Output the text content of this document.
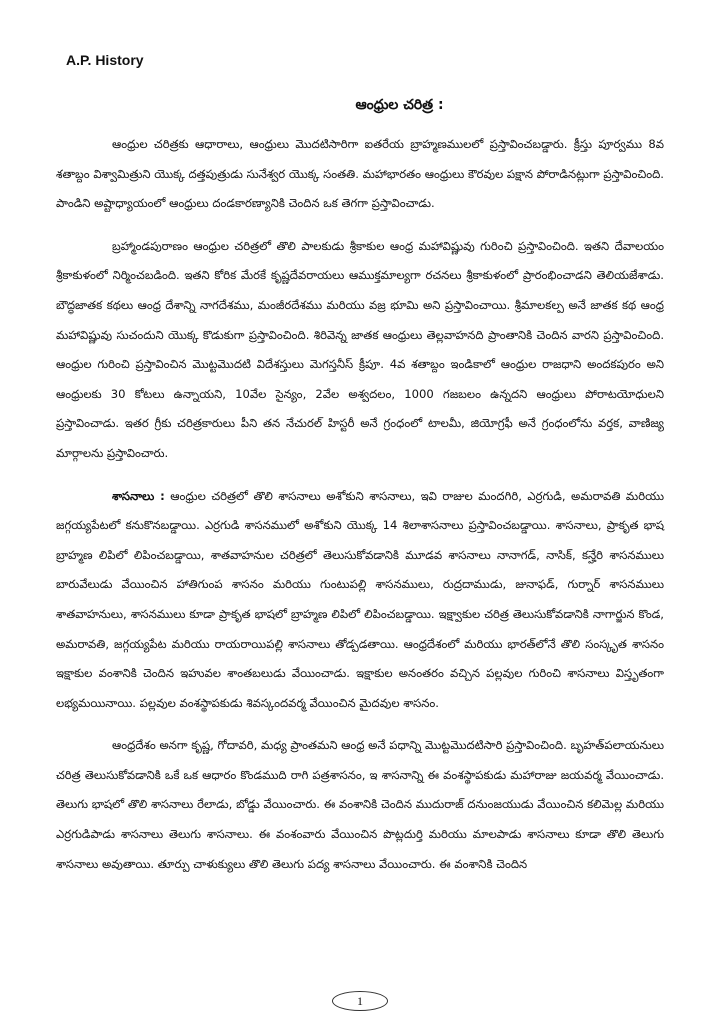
A.P. History
ఆంధ్రుల చరిత్ర :

ఆంధ్రుల చరిత్రకు ఆధారాలు, ఆంధ్రులు మొదటిసారిగా ఐతరేయ బ్రాహ్మణములలో ప్రస్తావించబడ్డారు. క్రీస్తు పూర్వము 8వ శతాబ్దం విశ్వామిత్రుని యొక్క దత్తపుత్రుడు సునేశ్వర యొక్క సంతతి. మహాభారతం ఆంధ్రులు కౌరవుల పక్షాన పోరాడినట్లుగా ప్రస్తావించింది. పాండిని అష్టాధ్యాయంలో ఆంధ్రులు దండకారణ్యానికి చెందిన ఒక తెగగా ప్రస్తావించాడు.

బ్రహ్మాండపురాణం ఆంధ్రుల చరిత్రలో తొలి పాలకుడు శ్రీకాకుల ఆంధ్ర మహావిష్ణువు గురించి ప్రస్తావించింది. ఇతని దేవాలయం శ్రీకాకుళంలో నిర్మించబడింది. ఇతని కోరిక మేరకే కృష్ణదేవరాయలు ఆముక్తమాల్యగా రచనలు శ్రీకాకుళంలో ప్రారంభించాడని తెలియజేశాడు. బౌద్ధజాతక కథలు ఆంధ్ర దేశాన్ని నాగదేశము, మంజీరదేశము మరియు వజ్ర భూమి అని ప్రస్తావించాయి. శ్రీమాలకల్ప అనే జాతక కథ ఆంధ్ర మహావిష్ణువు సుచందుని యొక్క కొడుకుగా ప్రస్తావించింది. శిరివెన్న జాతక ఆంధ్రులు తెల్లవాహనది ప్రాంతానికి చెందిన వారని ప్రస్తావించింది. ఆంధ్రుల గురించి ప్రస్తావించిన మొట్టమొదటి విదేశస్తులు మెగస్తనీస్ క్రీపూ. 4వ శతాబ్దం ఇండికాలో ఆంధ్రుల రాజధాని అందకపురం అని ఆంధ్రులకు 30 కోటలు ఉన్నాయని, 10వేల సైన్యం, 2వేల అశ్వదలం, 1000 గజబలం ఉన్నదని ఆంధ్రులు పోరాటయోధులని ప్రస్తావించాడు. ఇతర గ్రీకు చరిత్రకారులు పీని తన నేచురల్ హిస్టరీ అనే గ్రంధంలో టాలమీ, జియోగ్రఫీ అనే గ్రంధంలోను వర్తక, వాణిజ్య మార్గాలను ప్రస్తావించారు.

శాసనాలు : ఆంధ్రుల చరిత్రలో తొలి శాసనాలు అశోకుని శాసనాలు, ఇవి రాజుల మందగిరి, ఎర్రగుడి, అమరావతి మరియు జగ్గయ్యపేటలో కనుకొనబడ్డాయి. ఎర్రగుడి శాసనములో అశోకుని యొక్క 14 శిలాశాసనాలు ప్రస్తావించబడ్డాయి. శాసనాలు, ప్రాకృత భాష బ్రాహ్మణ లిపిలో లిపించబడ్డాయి, శాతవాహనుల చరిత్రలో తెలుసుకోవడానికి మూడవ శాసనాలు నానాగడ్, నాసిక్, కన్హేరి శాసనములు బారువేలుడు వేయించిన హాతిగుంప శాసనం మరియు గుంటుపల్లి శాసనములు, రుద్రదాముడు, జునాఫడ్, గుర్నార్ శాసనములు శాతవాహనులు, శాసనములు కూడా ప్రాకృత భాషలో బ్రాహ్మణ లిపిలో లిపించబడ్డాయి. ఇక్ష్వాకుల చరిత్ర తెలుసుకోవడానికి నాగార్జున కొండ, అమరావతి, జగ్గయ్యపేట మరియు రాయరాయిపల్లి శాసనాలు తోడ్పడతాయి. ఆంధ్రదేశంలో మరియు భారత్‌లోనే తొలి సంస్కృత శాసనం ఇక్షాకుల వంశానికి చెందిన ఇహువల శాంతబలుడు వేయించాడు. ఇక్షాకుల అనంతరం వచ్చిన పల్లవుల గురించి శాసనాలు విస్తృతంగా లభ్యమయినాయి. పల్లవుల వంశస్థాపకుడు శివస్కందవర్మ వేయించిన మైదవుల శాసనం.

ఆంధ్రదేశం అనగా కృష్ణ, గోదావరి, మధ్య ప్రాంతమని ఆంధ్ర అనే పధాన్ని మొట్టమొదటిసారి ప్రస్తావించింది. బృహత్‌పలాయనులు చరిత్ర తెలుసుకోవడానికి ఒకే ఒక ఆధారం కొండముది రాగి పత్రశాసనం, ఇ శాసనాన్ని ఈ వంశస్థాపకుడు మహారాజు జయవర్మ వేయించాడు. తెలుగు భాషలో తొలి శాసనాలు రేలాడు, బోడ్డు వేయించారు. ఈ వంశానికి చెందిన ముదురాజ్ దనుంజయుడు వేయించిన కలిమెల్ల మరియు ఎర్రగుడిపాడు శాసనాలు తెలుగు శాసనాలు. ఈ వంశంవారు వేయించిన పొట్లదుర్తి మరియు మాలపాడు శాసనాలు కూడా తొలి తెలుగు శాసనాలు అవుతాయి. తూర్పు చాళుక్యులు తొలి తెలుగు పద్య శాసనాలు వేయించారు. ఈ వంశానికి చెందిన

1
